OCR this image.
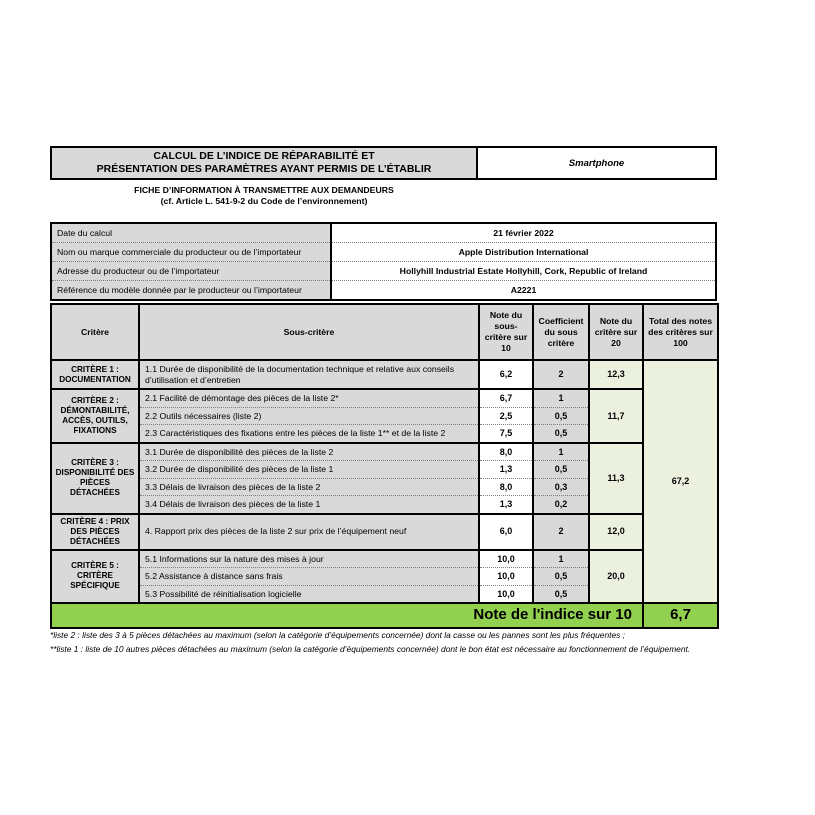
CALCUL DE L’INDICE DE RÉPARABILITÉ ET
PRÉSENTATION DES PARAMÈTRES AYANT PERMIS DE L’ÉTABLIR	Smartphone
FICHE D’INFORMATION À TRANSMETTRE AUX DEMANDEURS
(cf. Article L. 541-9-2 du Code de l’environnement)
Date du calcul	21 février 2022
Nom ou marque commerciale du producteur ou de l’importateur	Apple Distribution International
Adresse du producteur ou de l’importateur	Hollyhill Industrial Estate Hollyhill, Cork, Republic of Ireland
Référence du modèle donnée par le producteur ou l’importateur	A2221
Critère	Sous-critère	Note du sous-critère sur 10	Coefficient du sous critère	Note du critère sur 20	Total des notes des critères sur 100
CRITÈRE 1 : DOCUMENTATION	1.1 Durée de disponibilité de la documentation technique et relative aux conseils d’utilisation et d’entretien	6,2	2	12,3	67,2
CRITÈRE 2 : DÉMONTABILITÉ, ACCÈS, OUTILS, FIXATIONS	2.1 Facilité de démontage des pièces de la liste 2*	6,7	1	11,7	
	2.2 Outils nécessaires (liste 2)	2,5	0,5		
	2.3 Caractéristiques des fixations entre les pièces de la liste 1** et de la liste 2	7,5	0,5		
CRITÈRE 3 : DISPONIBILITÉ DES PIÈCES DÉTACHÉES	3.1 Durée de disponibilité des pièces de la liste 2	8,0	1	11,3	
	3.2 Durée de disponibilité des pièces de la liste 1	1,3	0,5		
	3.3 Délais de livraison des pièces de la liste 2	8,0	0,3		
	3.4 Délais de livraison des pièces de la liste 1	1,3	0,2		
CRITÈRE 4 : PRIX DES PIÈCES DÉTACHÉES	4. Rapport prix des pièces de la liste 2 sur prix de l’équipement neuf	6,0	2	12,0	
CRITÈRE 5 : CRITÈRE SPÉCIFIQUE	5.1 Informations sur la nature des mises à jour	10,0	1	20,0	
	5.2 Assistance à distance sans frais	10,0	0,5		
	5.3 Possibilité de réinitialisation logicielle	10,0	0,5		
Note de l'indice sur 10					6,7
*liste 2 : liste des 3 à 5 pièces détachées au maximum (selon la catégorie d’équipements concernée) dont la casse ou les pannes sont les plus fréquentes ;
**liste 1 : liste de 10 autres pièces détachées au maximum (selon la catégorie d’équipements concernée) dont le bon état est nécessaire au fonctionnement de l’équipement.
